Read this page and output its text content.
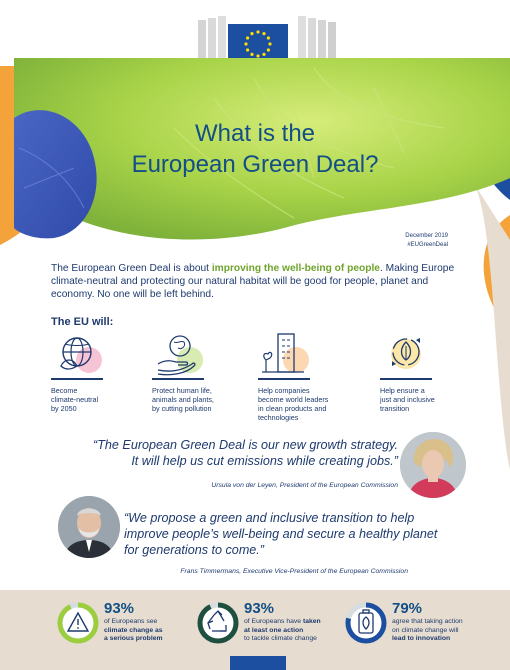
What is the
European Green Deal?
December 2019
#EUGreenDeal
The European Green Deal is about improving the well-being of people. Making Europe climate-neutral and protecting our natural habitat will be good for people, planet and economy. No one will be left behind.
The EU will:
Become
climate-neutral
by 2050
Protect human life,
animals and plants,
by cutting pollution
Help companies
become world leaders
in clean products and
technologies
Help ensure a
just and inclusive
transition
“The European Green Deal is our new growth strategy.
It will help us cut emissions while creating jobs.”
Ursula von der Leyen, President of the European Commission
“We propose a green and inclusive transition to help
improve people’s well-being and secure a healthy planet
for generations to come.”
Frans Timmermans, Executive Vice-President of the European Commission
93%
of Europeans see
climate change as
a serious problem
93%
of Europeans have taken
at least one action
to tackle climate change
79%
agree that taking action
on climate change will
lead to innovation
